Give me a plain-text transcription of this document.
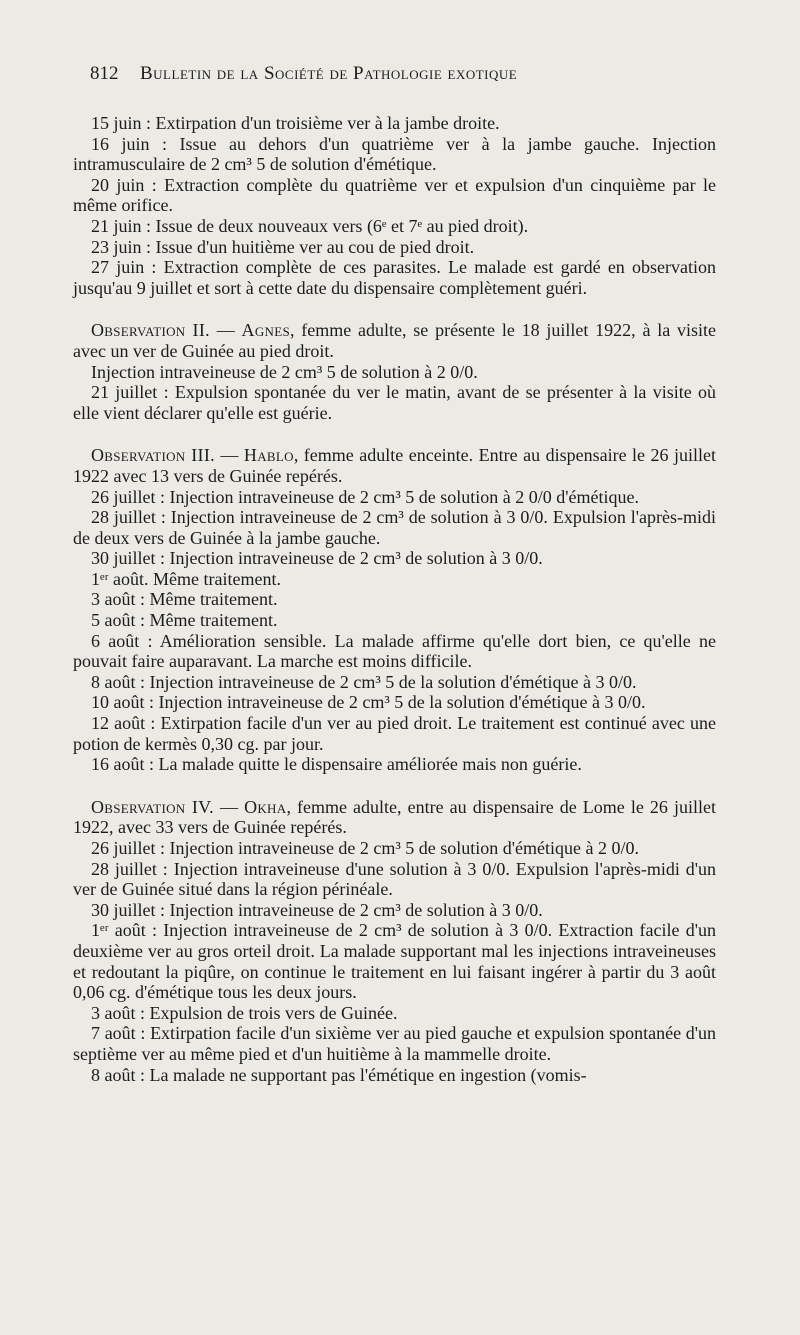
812 Bulletin de la Société de Pathologie exotique

15 juin : Extirpation d'un troisième ver à la jambe droite.

16 juin : Issue au dehors d'un quatrième ver à la jambe gauche. Injection intramusculaire de 2 cm³ 5 de solution d'émétique.

20 juin : Extraction complète du quatrième ver et expulsion d'un cinquième par le même orifice.

21 juin : Issue de deux nouveaux vers (6ᵉ et 7ᵉ au pied droit).

23 juin : Issue d'un huitième ver au cou de pied droit.

27 juin : Extraction complète de ces parasites. Le malade est gardé en observation jusqu'au 9 juillet et sort à cette date du dispensaire complètement guéri.

Observation II. — Agnes, femme adulte, se présente le 18 juillet 1922, à la visite avec un ver de Guinée au pied droit.

Injection intraveineuse de 2 cm³ 5 de solution à 2 0/0.

21 juillet : Expulsion spontanée du ver le matin, avant de se présenter à la visite où elle vient déclarer qu'elle est guérie.

Observation III. — Hablo, femme adulte enceinte. Entre au dispensaire le 26 juillet 1922 avec 13 vers de Guinée repérés.

26 juillet : Injection intraveineuse de 2 cm³ 5 de solution à 2 0/0 d'émétique.

28 juillet : Injection intraveineuse de 2 cm³ de solution à 3 0/0. Expulsion l'après-midi de deux vers de Guinée à la jambe gauche.

30 juillet : Injection intraveineuse de 2 cm³ de solution à 3 0/0.

1ᵉʳ août. Même traitement.

3 août : Même traitement.

5 août : Même traitement.

6 août : Amélioration sensible. La malade affirme qu'elle dort bien, ce qu'elle ne pouvait faire auparavant. La marche est moins difficile.

8 août : Injection intraveineuse de 2 cm³ 5 de la solution d'émétique à 3 0/0.

10 août : Injection intraveineuse de 2 cm³ 5 de la solution d'émétique à 3 0/0.

12 août : Extirpation facile d'un ver au pied droit. Le traitement est continué avec une potion de kermès 0,30 cg. par jour.

16 août : La malade quitte le dispensaire améliorée mais non guérie.

Observation IV. — Okha, femme adulte, entre au dispensaire de Lome le 26 juillet 1922, avec 33 vers de Guinée repérés.

26 juillet : Injection intraveineuse de 2 cm³ 5 de solution d'émétique à 2 0/0.

28 juillet : Injection intraveineuse d'une solution à 3 0/0. Expulsion l'après-midi d'un ver de Guinée situé dans la région périnéale.

30 juillet : Injection intraveineuse de 2 cm³ de solution à 3 0/0.

1ᵉʳ août : Injection intraveineuse de 2 cm³ de solution à 3 0/0. Extraction facile d'un deuxième ver au gros orteil droit. La malade supportant mal les injections intraveineuses et redoutant la piqûre, on continue le traitement en lui faisant ingérer à partir du 3 août 0,06 cg. d'émétique tous les deux jours.

3 août : Expulsion de trois vers de Guinée.

7 août : Extirpation facile d'un sixième ver au pied gauche et expulsion spontanée d'un septième ver au même pied et d'un huitième à la mammelle droite.

8 août : La malade ne supportant pas l'émétique en ingestion (vomis-
